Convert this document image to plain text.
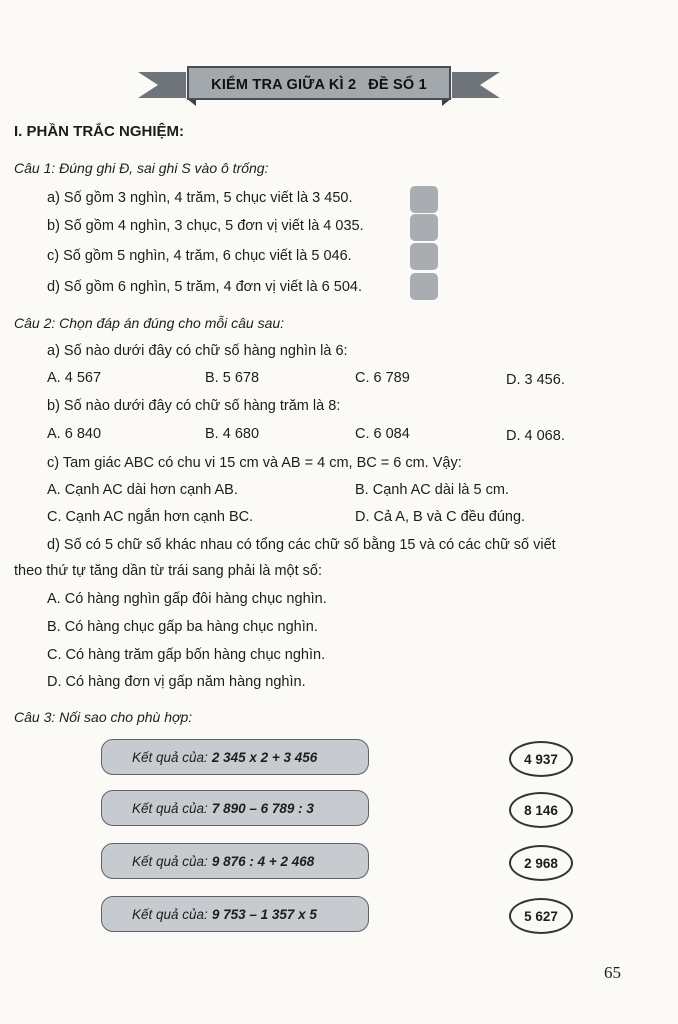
KIỂM TRA GIỮA KÌ 2 ĐỀ SỐ 1
I. PHẦN TRẮC NGHIỆM:
Câu 1: Đúng ghi Đ, sai ghi S vào ô trống:
a) Số gồm 3 nghìn, 4 trăm, 5 chục viết là 3 450.
b) Số gồm 4 nghìn, 3 chục, 5 đơn vị viết là 4 035.
c) Số gồm 5 nghìn, 4 trăm, 6 chục viết là 5 046.
d) Số gồm 6 nghìn, 5 trăm, 4 đơn vị viết là 6 504.
Câu 2: Chọn đáp án đúng cho mỗi câu sau:
a) Số nào dưới đây có chữ số hàng nghìn là 6:
A. 4 567	B. 5 678	C. 6 789	D. 3 456.
b) Số nào dưới đây có chữ số hàng trăm là 8:
A. 6 840	B. 4 680	C. 6 084	D. 4 068.
c) Tam giác ABC có chu vi 15 cm và AB = 4 cm, BC = 6 cm. Vậy:
A. Cạnh AC dài hơn cạnh AB.	B. Cạnh AC dài là 5 cm.
C. Cạnh AC ngắn hơn cạnh BC.	D. Cả A, B và C đều đúng.
d) Số có 5 chữ số khác nhau có tổng các chữ số bằng 15 và có các chữ số viết
theo thứ tự tăng dần từ trái sang phải là một số:
A. Có hàng nghìn gấp đôi hàng chục nghìn.
B. Có hàng chục gấp ba hàng chục nghìn.
C. Có hàng trăm gấp bốn hàng chục nghìn.
D. Có hàng đơn vị gấp năm hàng nghìn.
Câu 3: Nối sao cho phù hợp:
Kết quả của: 2 345 x 2 + 3 456
Kết quả của: 7 890 – 6 789 : 3
Kết quả của: 9 876 : 4 + 2 468
Kết quả của: 9 753 – 1 357 x 5
4 937
8 146
2 968
5 627
65
